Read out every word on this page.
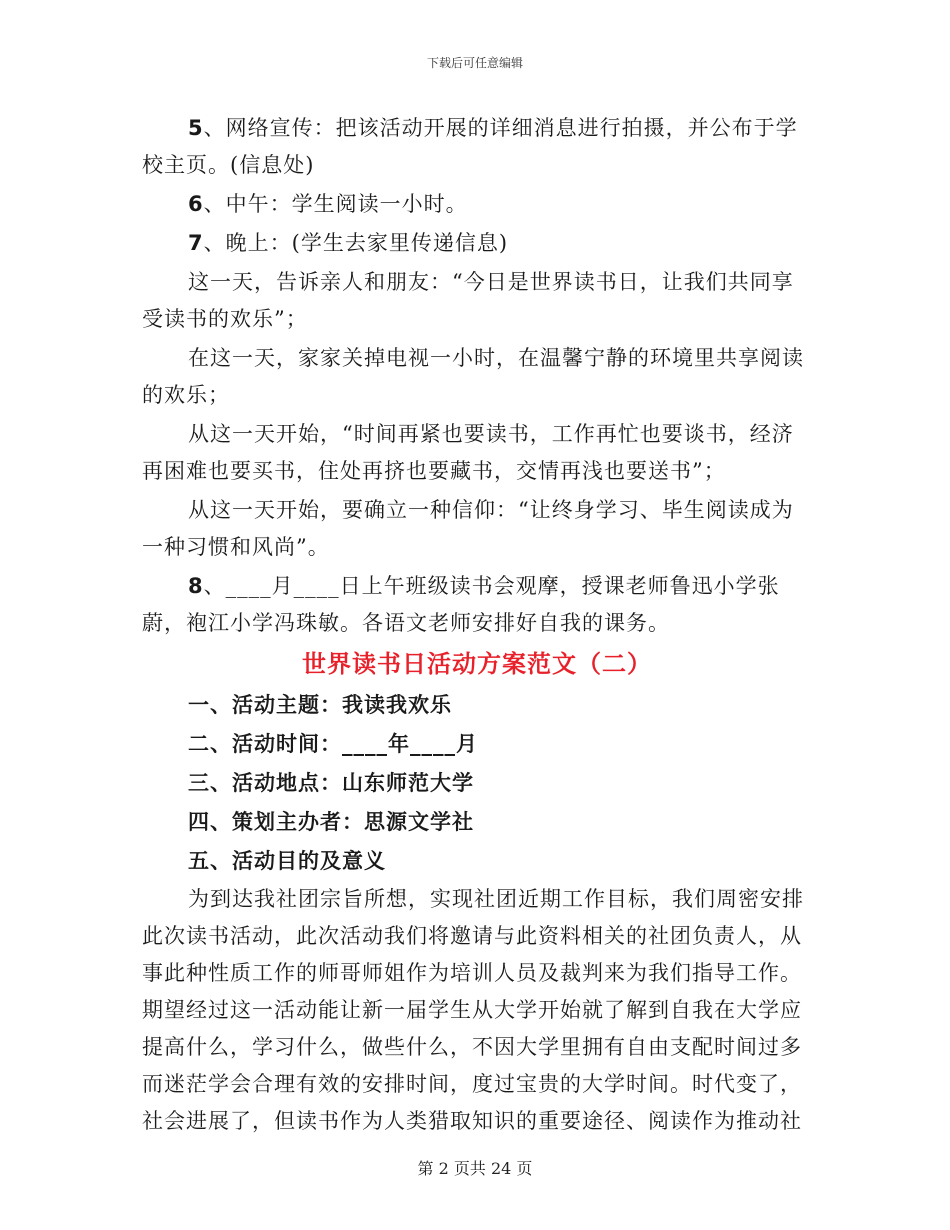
下载后可任意编辑

5、网络宣传：把该活动开展的详细消息进行拍摄，并公布于学校主页。(信息处)

6、中午：学生阅读一小时。

7、晚上：(学生去家里传递信息)

这一天，告诉亲人和朋友：“今日是世界读书日，让我们共同享受读书的欢乐”；

在这一天，家家关掉电视一小时，在温馨宁静的环境里共享阅读的欢乐；

从这一天开始，“时间再紧也要读书，工作再忙也要谈书，经济再困难也要买书，住处再挤也要藏书，交情再浅也要送书”；

从这一天开始，要确立一种信仰：“让终身学习、毕生阅读成为一种习惯和风尚”。

8、____月____日上午班级读书会观摩，授课老师鲁迅小学张蔚，袍江小学冯珠敏。各语文老师安排好自我的课务。

世界读书日活动方案范文（二）

一、活动主题：我读我欢乐

二、活动时间：____年____月

三、活动地点：山东师范大学

四、策划主办者：思源文学社

五、活动目的及意义

为到达我社团宗旨所想，实现社团近期工作目标，我们周密安排此次读书活动，此次活动我们将邀请与此资料相关的社团负责人，从事此种性质工作的师哥师姐作为培训人员及裁判来为我们指导工作。期望经过这一活动能让新一届学生从大学开始就了解到自我在大学应提高什么，学习什么，做些什么，不因大学里拥有自由支配时间过多而迷茫学会合理有效的安排时间，度过宝贵的大学时间。时代变了，社会进展了，但读书作为人类猎取知识的重要途径、阅读作为推动社

第 2 页共 24 页
